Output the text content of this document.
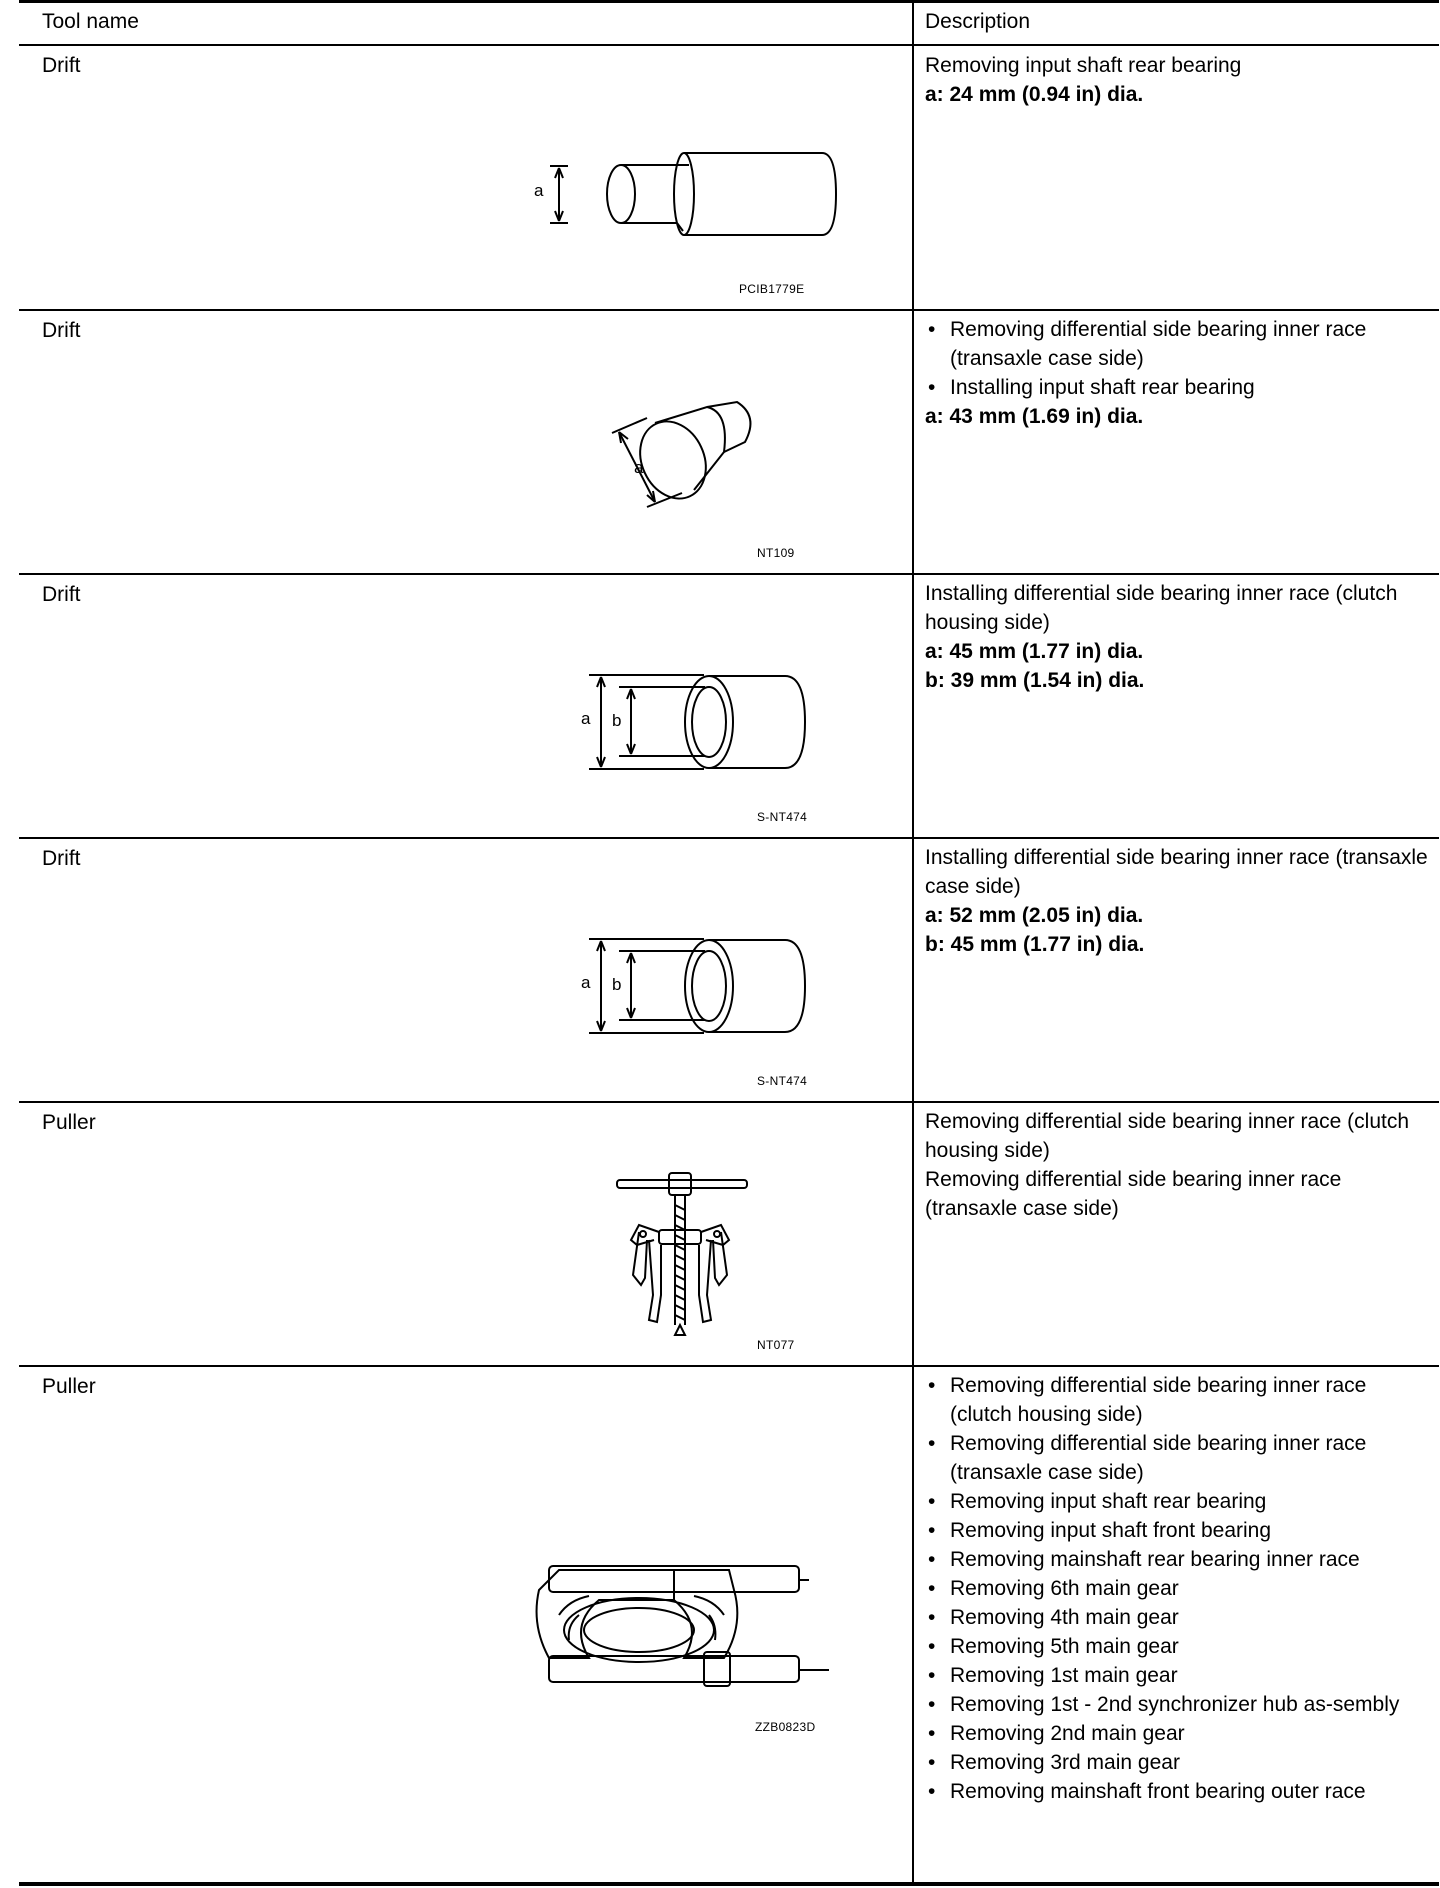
Tool name	Description
Drift
a
PCIB1779E
Removing input shaft rear bearing
a: 24 mm (0.94 in) dia.
Drift
a
NT109
• Removing differential side bearing inner race (transaxle case side)
• Installing input shaft rear bearing
a: 43 mm (1.69 in) dia.
Drift
a b
S-NT474
Installing differential side bearing inner race (clutch housing side)
a: 45 mm (1.77 in) dia.
b: 39 mm (1.54 in) dia.
Drift
a b
S-NT474
Installing differential side bearing inner race (transaxle case side)
a: 52 mm (2.05 in) dia.
b: 45 mm (1.77 in) dia.
Puller
NT077
Removing differential side bearing inner race (clutch housing side)
Removing differential side bearing inner race (transaxle case side)
Puller
ZZB0823D
• Removing differential side bearing inner race (clutch housing side)
• Removing differential side bearing inner race (transaxle case side)
• Removing input shaft rear bearing
• Removing input shaft front bearing
• Removing mainshaft rear bearing inner race
• Removing 6th main gear
• Removing 4th main gear
• Removing 5th main gear
• Removing 1st main gear
• Removing 1st - 2nd synchronizer hub as-sembly
• Removing 2nd main gear
• Removing 3rd main gear
• Removing mainshaft front bearing outer race
